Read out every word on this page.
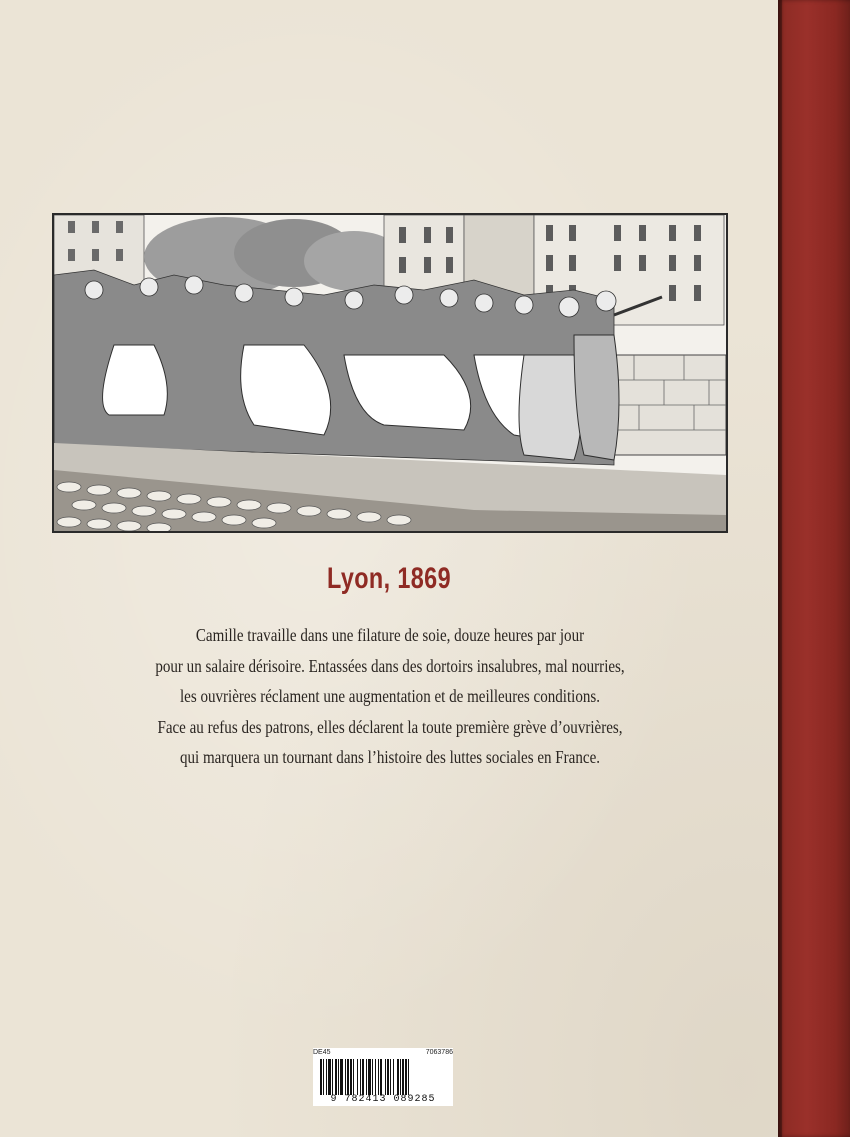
Lyon, 1869

Camille travaille dans une filature de soie, douze heures par jour

pour un salaire dérisoire. Entassées dans des dortoirs insalubres, mal nourries,

les ouvrières réclament une augmentation et de meilleures conditions.

Face au refus des patrons, elles déclarent la toute première grève d’ouvrières,

qui marquera un tournant dans l’histoire des luttes sociales en France.

DE45	7063786
9 782413 089285
